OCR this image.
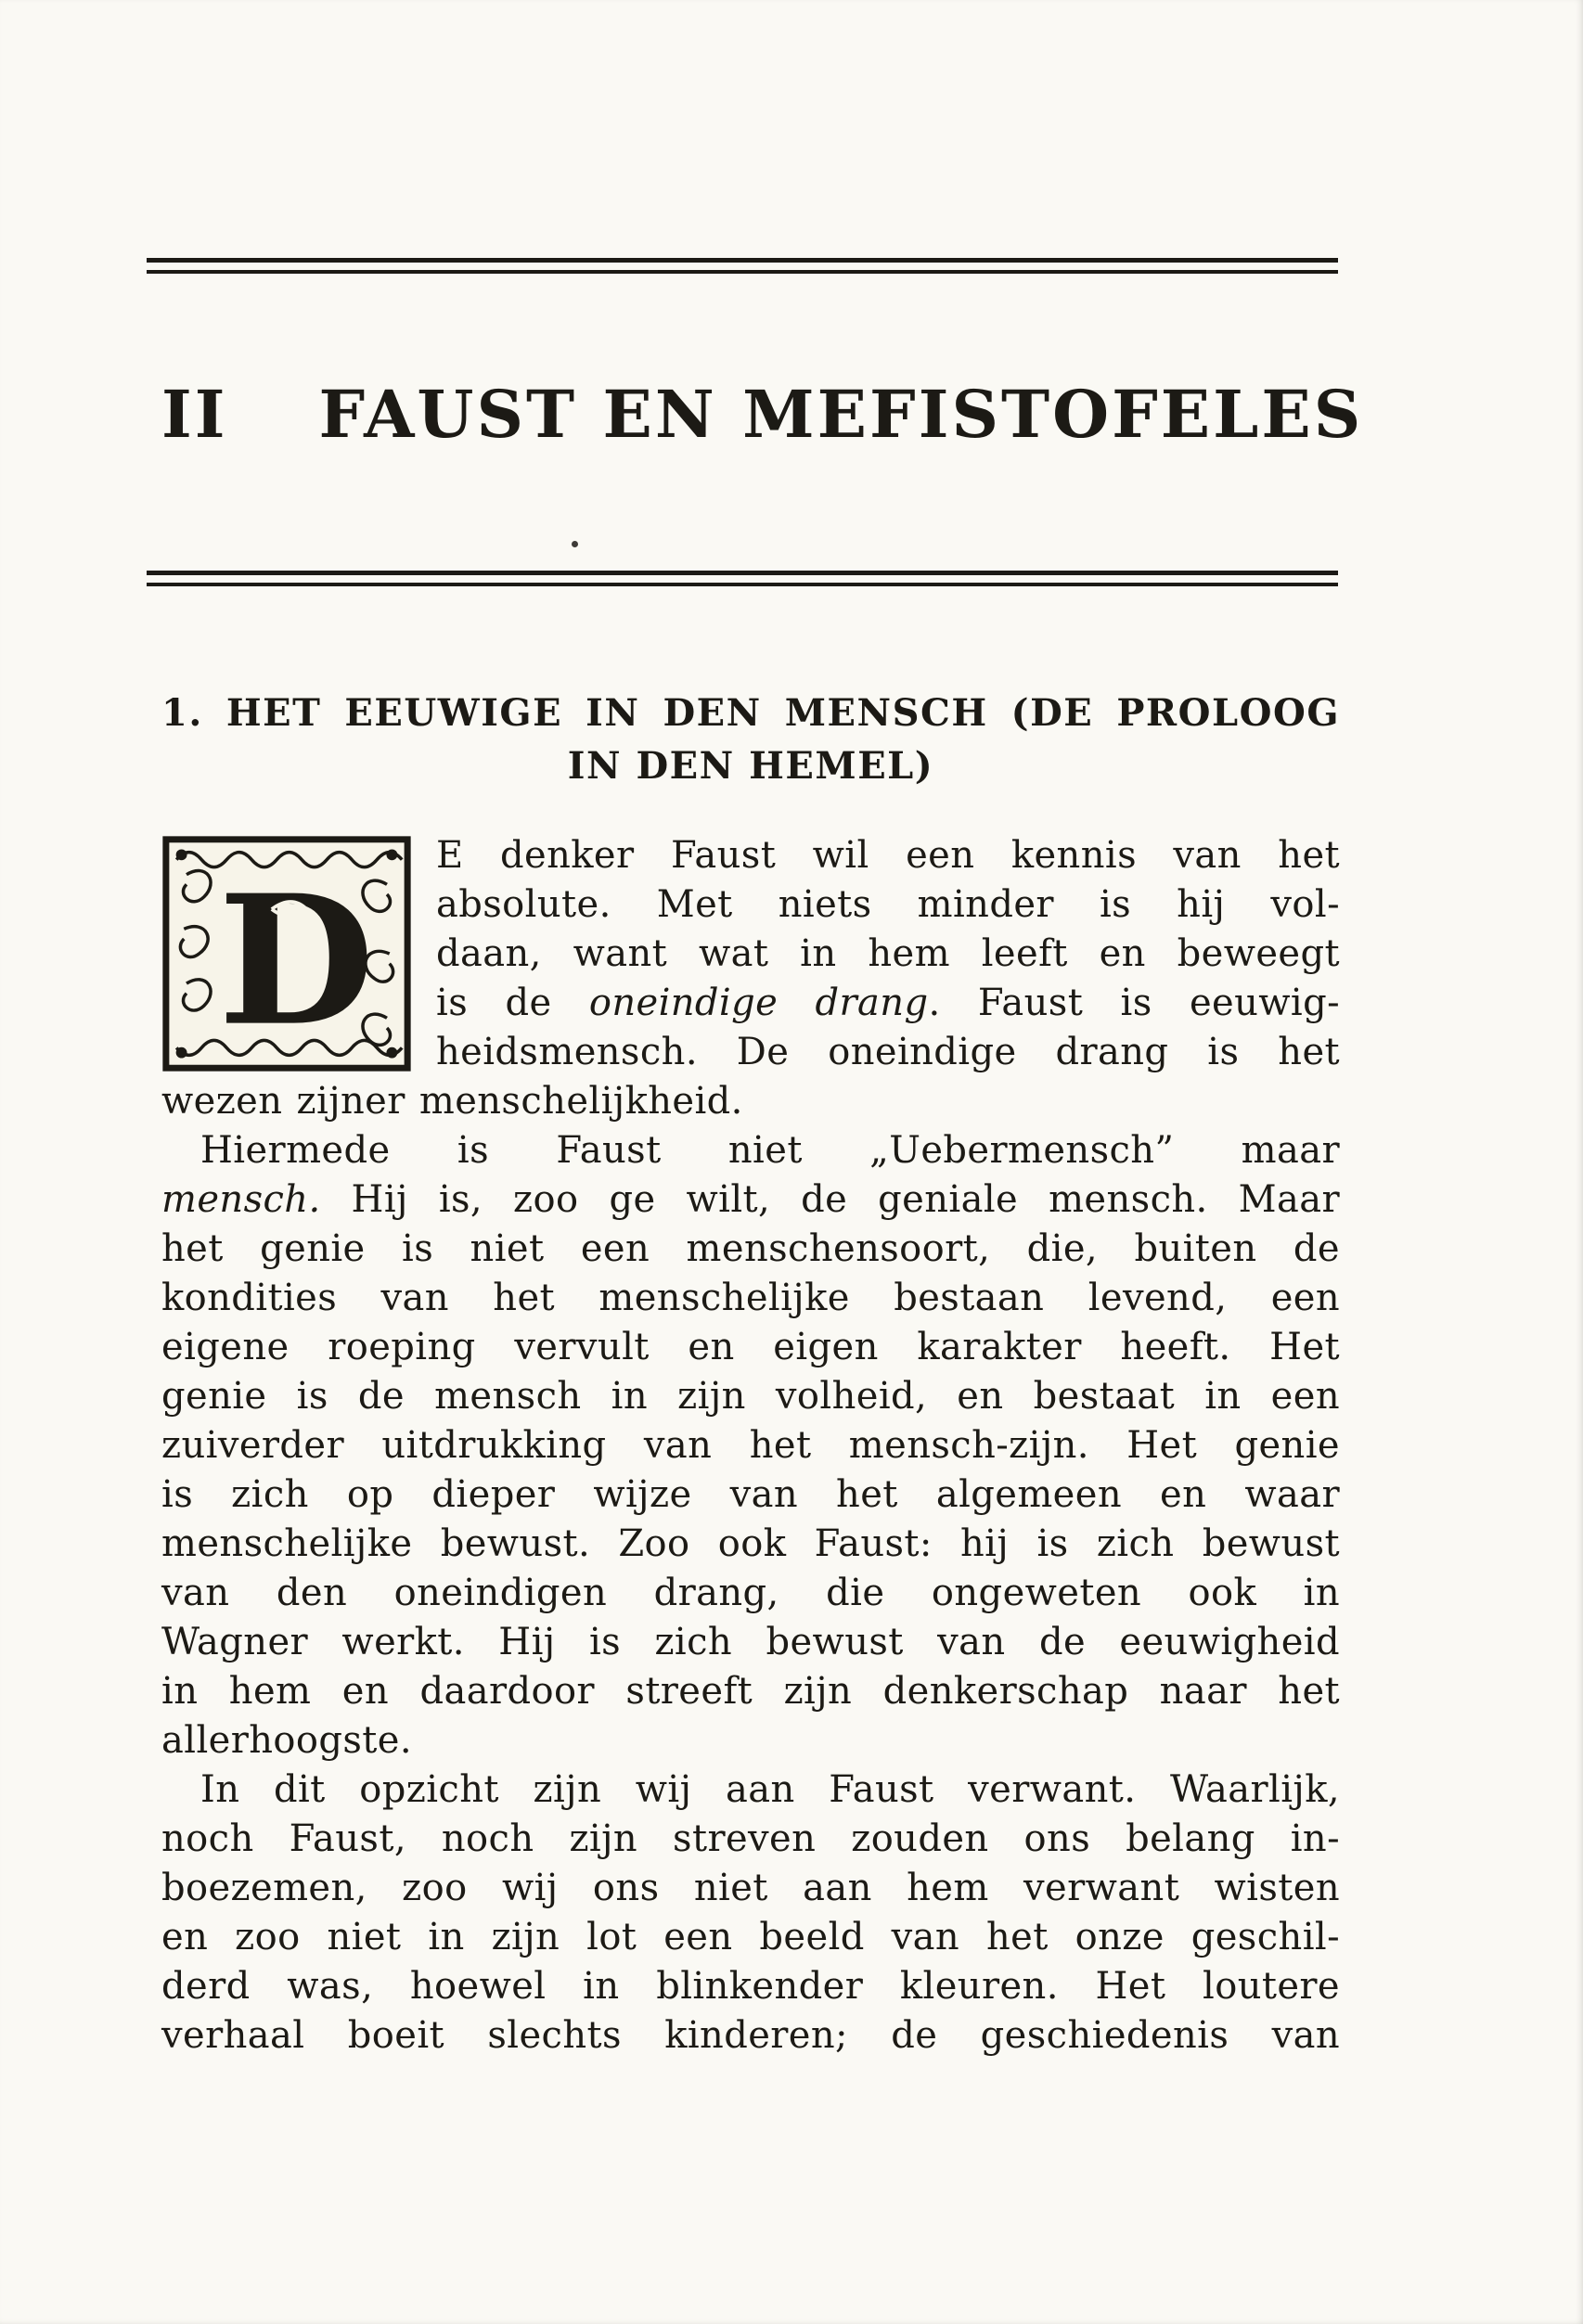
II FAUST EN MEFISTOFELES
1. HET EEUWIGE IN DEN MENSCH (DE PROLOOG
IN DEN HEMEL)
D
E denker Faust wil een kennis van het
absolute. Met niets minder is hij vol-
daan, want wat in hem leeft en beweegt
is de oneindige drang. Faust is eeuwig-
heidsmensch. De oneindige drang is het
wezen zijner menschelijkheid.
Hiermede is Faust niet „Uebermensch” maar
mensch. Hij is, zoo ge wilt, de geniale mensch. Maar
het genie is niet een menschensoort, die, buiten de
kondities van het menschelijke bestaan levend, een
eigene roeping vervult en eigen karakter heeft. Het
genie is de mensch in zijn volheid, en bestaat in een
zuiverder uitdrukking van het mensch-zijn. Het genie
is zich op dieper wijze van het algemeen en waar
menschelijke bewust. Zoo ook Faust: hij is zich bewust
van den oneindigen drang, die ongeweten ook in
Wagner werkt. Hij is zich bewust van de eeuwigheid
in hem en daardoor streeft zijn denkerschap naar het
allerhoogste.
In dit opzicht zijn wij aan Faust verwant. Waarlijk,
noch Faust, noch zijn streven zouden ons belang in-
boezemen, zoo wij ons niet aan hem verwant wisten
en zoo niet in zijn lot een beeld van het onze geschil-
derd was, hoewel in blinkender kleuren. Het loutere
verhaal boeit slechts kinderen; de geschiedenis van
